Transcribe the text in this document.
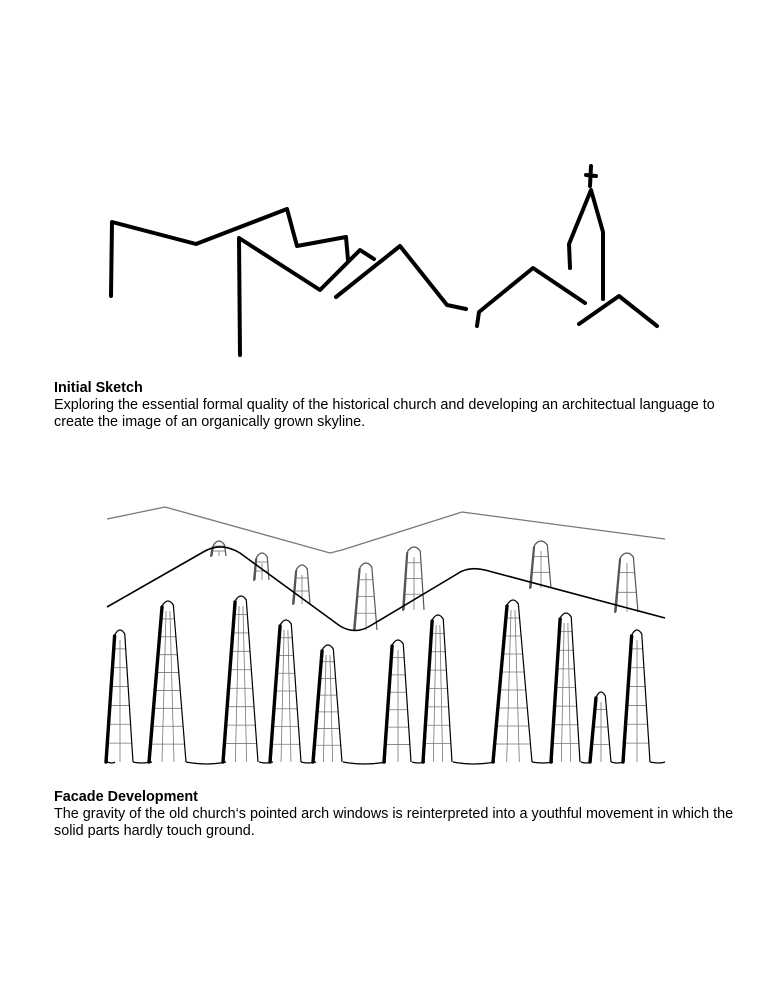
Initial Sketch
Exploring the essential formal quality of the historical church and developing an architectual language to create the image of an organically grown skyline.
Facade Development
The gravity of the old church‘s pointed arch windows is reinterpreted into a youthful movement in which the solid parts hardly touch ground.
